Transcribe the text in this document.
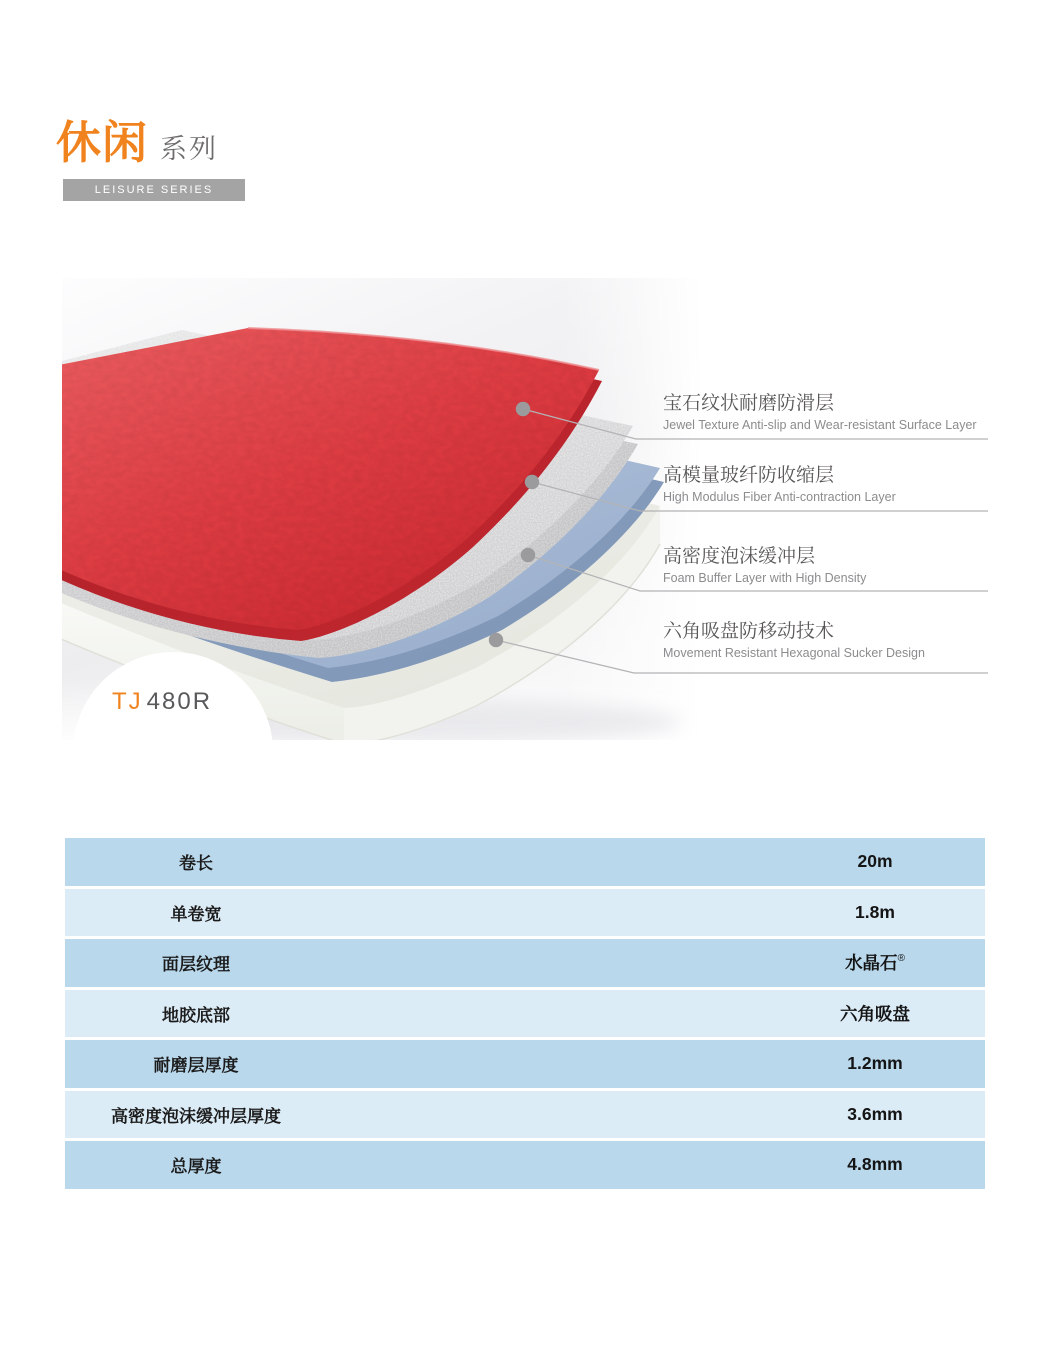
休闲 系列
LEISURE SERIES
TJ 480R
宝石纹状耐磨防滑层
Jewel Texture Anti-slip and Wear-resistant Surface Layer
高模量玻纤防收缩层
High Modulus Fiber Anti-contraction Layer
高密度泡沫缓冲层
Foam Buffer Layer with High Density
六角吸盘防移动技术
Movement Resistant Hexagonal Sucker Design
卷长	20m
单卷宽	1.8m
面层纹理	水晶石®
地胶底部	六角吸盘
耐磨层厚度	1.2mm
高密度泡沫缓冲层厚度	3.6mm
总厚度	4.8mm
